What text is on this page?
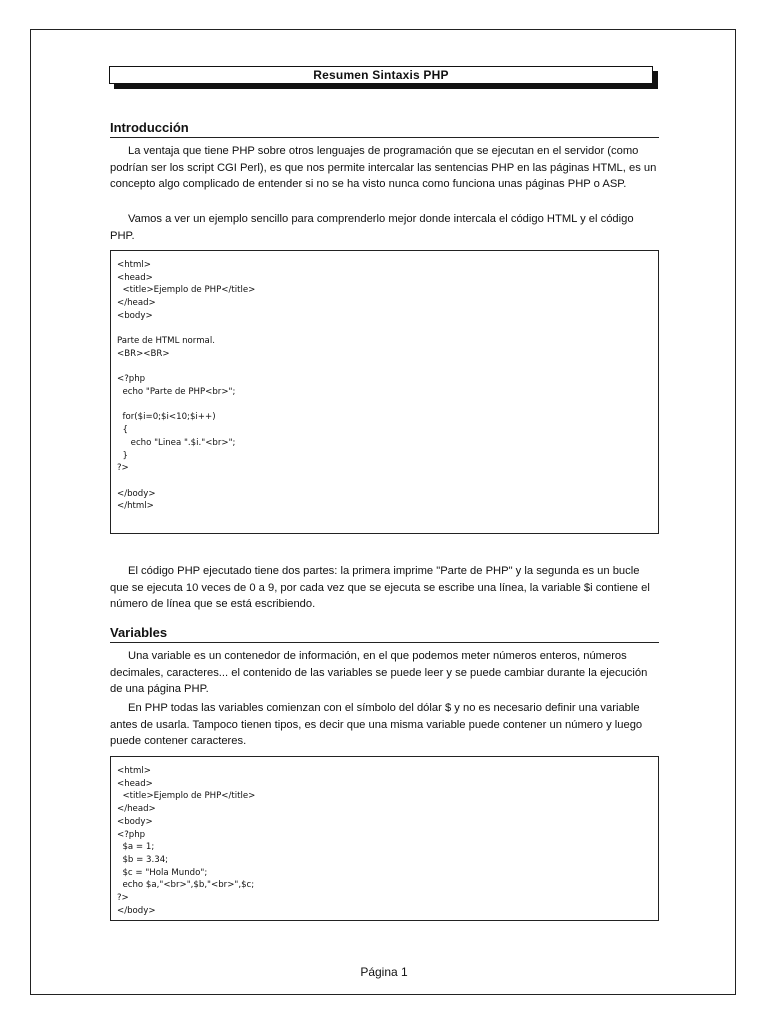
Resumen Sintaxis PHP
Introducción

La ventaja que tiene PHP sobre otros lenguajes de programación que se ejecutan en el servidor (como podrían ser los script CGI Perl), es que nos permite intercalar las sentencias PHP en las páginas HTML, es un concepto algo complicado de entender si no se ha visto nunca como funciona unas páginas PHP o ASP.

Vamos a ver un ejemplo sencillo para comprenderlo mejor donde intercala el código HTML y el código PHP.

<html>
<head>
<title>Ejemplo de PHP</title>
</head>
<body>

Parte de HTML normal.
<BR><BR>

<?php
echo "Parte de PHP<br>";

for($i=0;$i<10;$i++)
{
echo "Linea ".$i."<br>";
}
?>

</body>
</html>

El código PHP ejecutado tiene dos partes: la primera imprime "Parte de PHP" y la segunda es un bucle que se ejecuta 10 veces de 0 a 9, por cada vez que se ejecuta se escribe una línea, la variable $i contiene el número de línea que se está escribiendo.

Variables

Una variable es un contenedor de información, en el que podemos meter números enteros, números decimales, caracteres... el contenido de las variables se puede leer y se puede cambiar durante la ejecución de una página PHP.

En PHP todas las variables comienzan con el símbolo del dólar $ y no es necesario definir una variable antes de usarla. Tampoco tienen tipos, es decir que una misma variable puede contener un número y luego puede contener caracteres.

<html>
<head>
<title>Ejemplo de PHP</title>
</head>
<body>
<?php
$a = 1;
$b = 3.34;
$c = "Hola Mundo";
echo $a,"<br>",$b,"<br>",$c;
?>
</body>
Página 1
